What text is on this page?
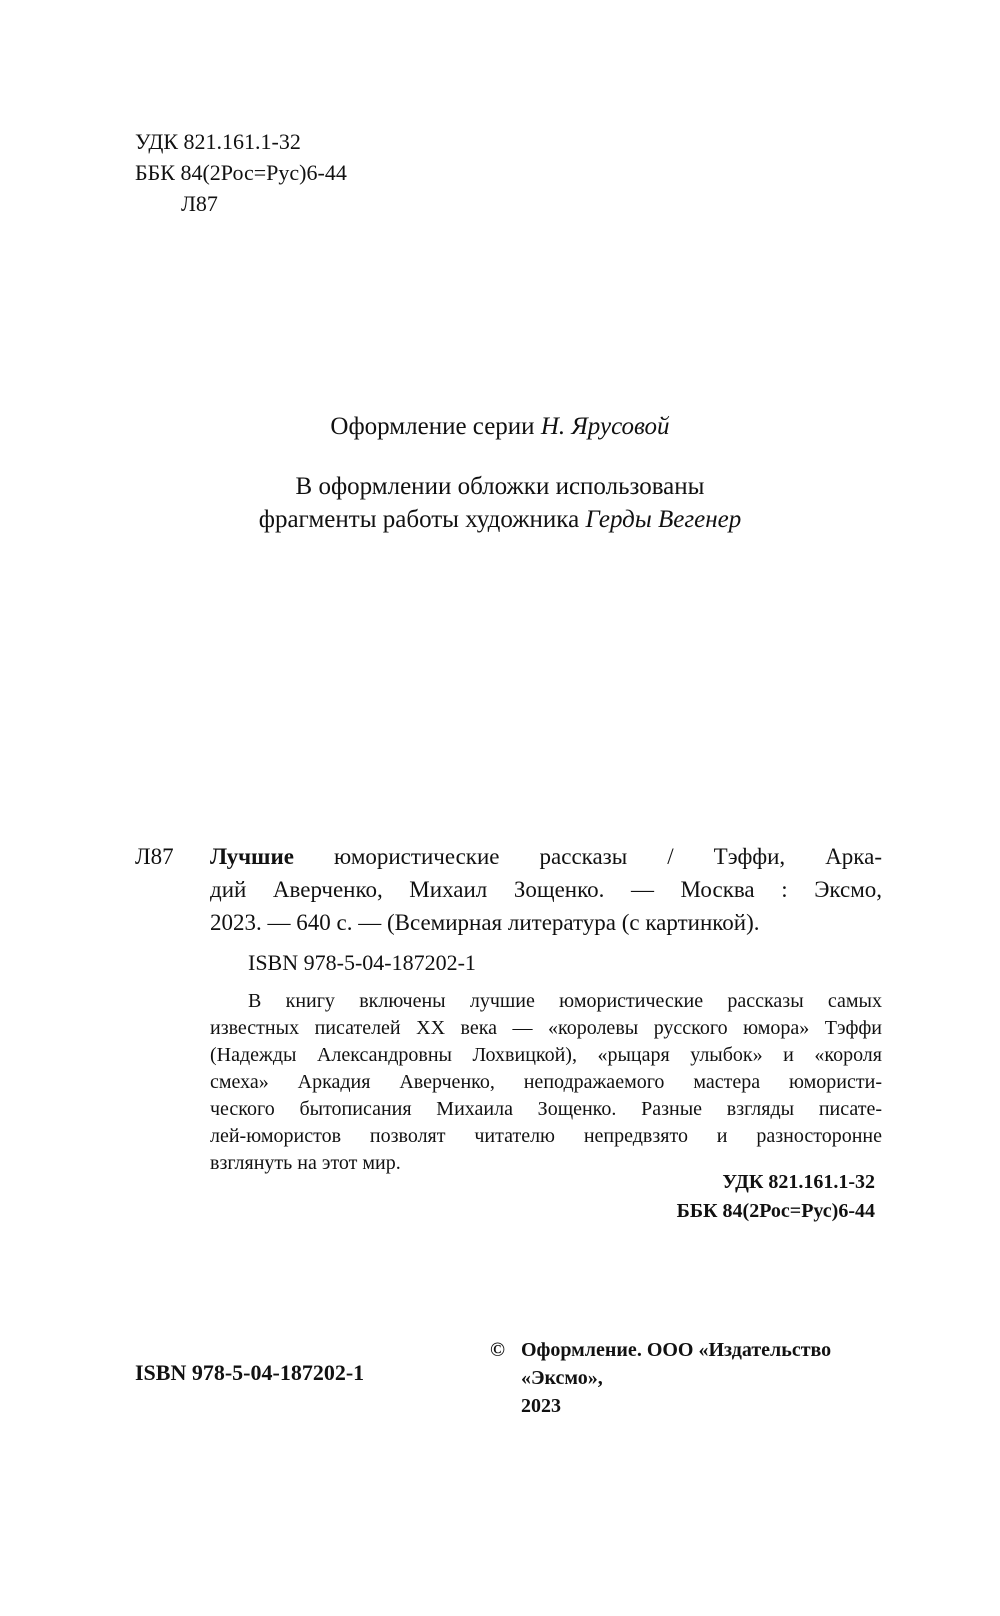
УДК 821.161.1-32
ББК 84(2Рос=Рус)6-44
Л87
Оформление серии Н. Ярусовой
В оформлении обложки использованы
фрагменты работы художника Герды Вегенер
Л87 Лучшие юмористические рассказы / Тэффи, Арка-
дий Аверченко, Михаил Зощенко. — Москва : Эксмо,
2023. — 640 с. — (Всемирная литература (с картинкой).
ISBN 978-5-04-187202-1
В книгу включены лучшие юмористические рассказы самых
известных писателей XX века — «королевы русского юмора» Тэффи
(Надежды Александровны Лохвицкой), «рыцаря улыбок» и «короля
смеха» Аркадия Аверченко, неподражаемого мастера юмористи-
ческого бытописания Михаила Зощенко. Разные взгляды писате-
лей-юмористов позволят читателю непредвзято и разносторонне
взглянуть на этот мир.
УДК 821.161.1-32
ББК 84(2Рос=Рус)6-44
ISBN 978-5-04-187202-1
© Оформление. ООО «Издательство «Эксмо»,
2023
